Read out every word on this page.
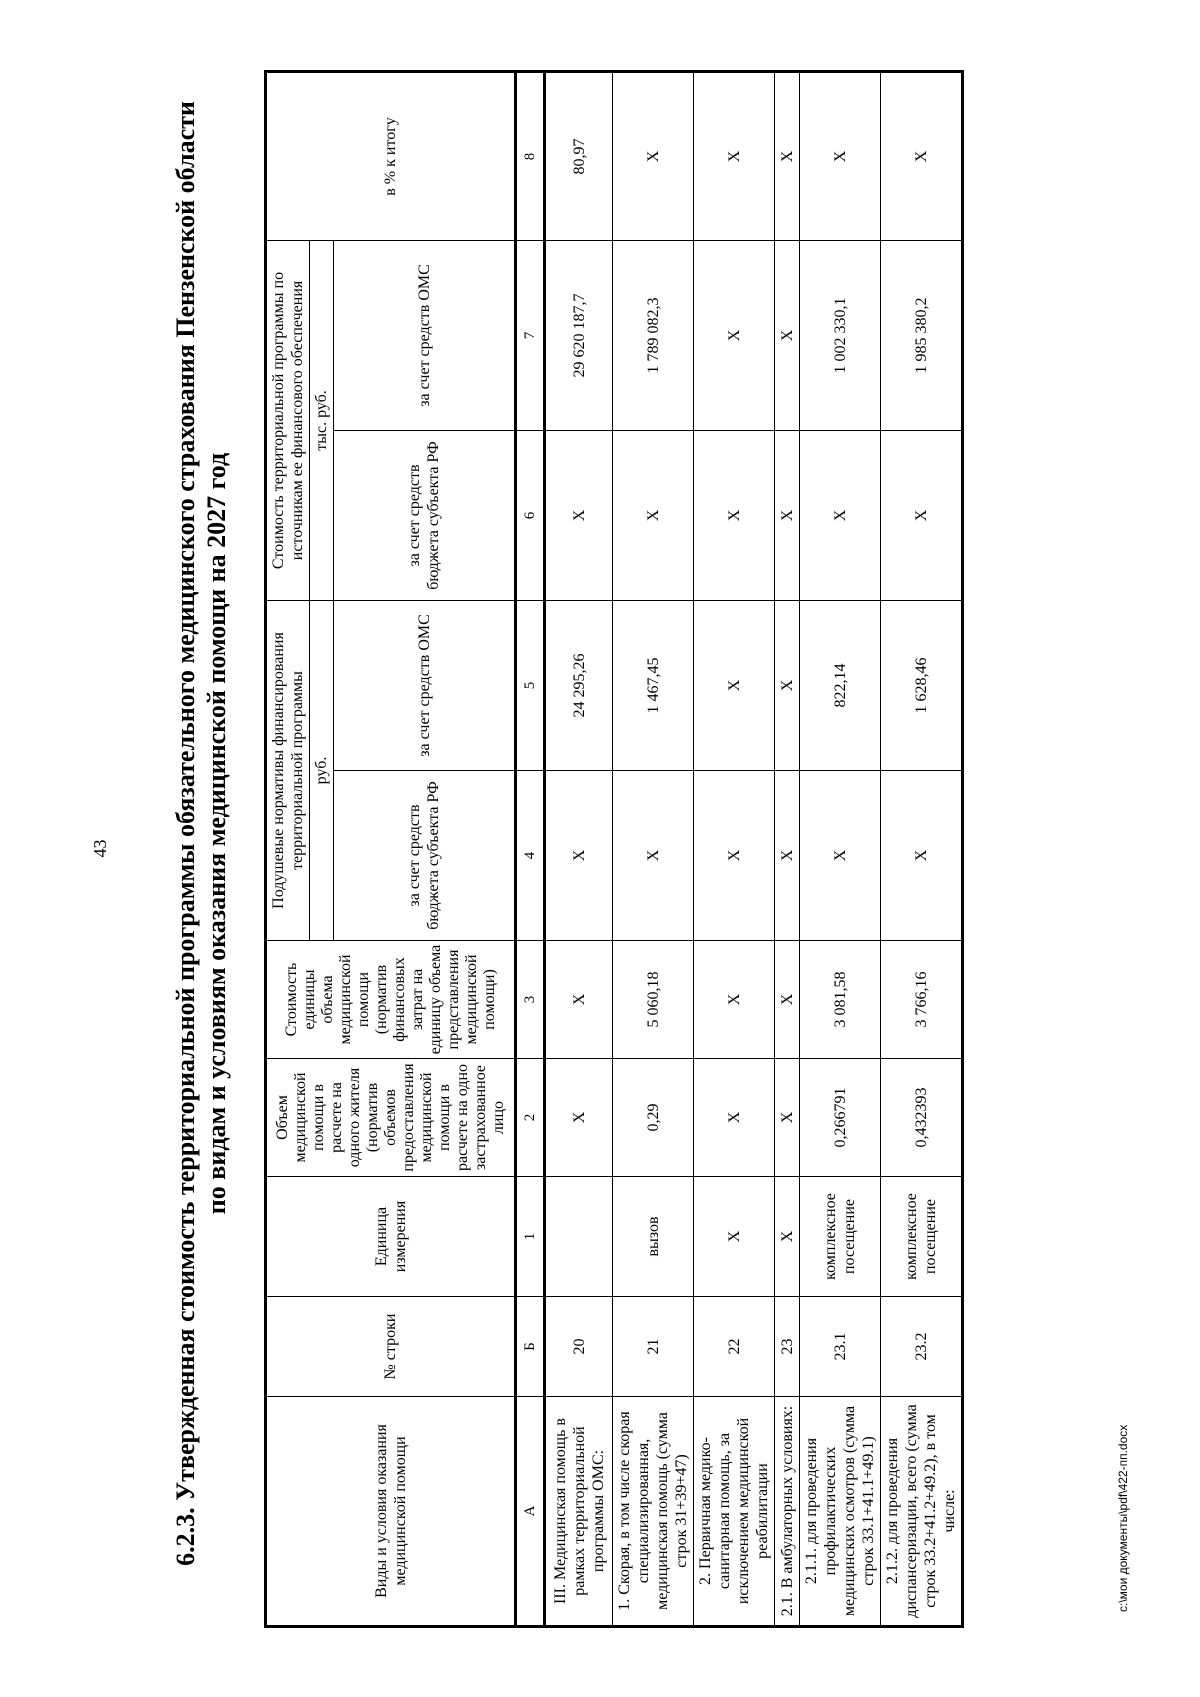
43 6.2.3. Утвержденная стоимость территориальной программы обязательного медицинского страхования Пензенской области по видам и условиям оказания медицинской помощи на 2027 год
Виды и условия оказания медицинской помощи	№ строки	Единица измерения	Объем медицинской помощи в расчете на одного жителя (норматив объемов предоставления медицинской помощи в расчете на одно застрахованное лицо	Стоимость единицы объема медицинской помощи (норматив финансовых затрат на единицу объема представления медицинской помощи)	Подушевые нормативы финансирования территориальной программы		Стоимость территориальной программы по источникам ее финансового обеспечения		в % к итогу
					руб.		тыс. руб.		
					за счет средств бюджета субъекта РФ	за счет средств ОМС	за счет средств бюджета субъекта РФ	за счет средств ОМС	
А	Б	1	2	3	4	5	6	7	8
III. Медицинская помощь в рамках территориальной программы ОМС:	20		X	X	X	24 295,26	X	29 620 187,7	80,97
1. Скорая, в том числе скорая специализированная, медицинская помощь (сумма строк 31+39+47)	21	вызов	0,29	5 060,18	X	1 467,45	X	1 789 082,3	X
2. Первичная медико-санитарная помощь, за исключением медицинской реабилитации	22	X	X	X	X	X	X	X	X
2.1. В амбулаторных условиях:	23	X	X	X	X	X	X	X	X
2.1.1. для проведения профилактических медицинских осмотров (сумма строк 33.1+41.1+49.1)	23.1	комплексное посещение	0,266791	3 081,58	X	822,14	X	1 002 330,1	X
2.1.2. для проведения диспансеризации, всего (сумма строк 33.2+41.2+49.2), в том числе:	23.2	комплексное посещение	0,432393	3 766,16	X	1 628,46	X	1 985 380,2	X
c:\мои документы\pdf\422-пп.docx
